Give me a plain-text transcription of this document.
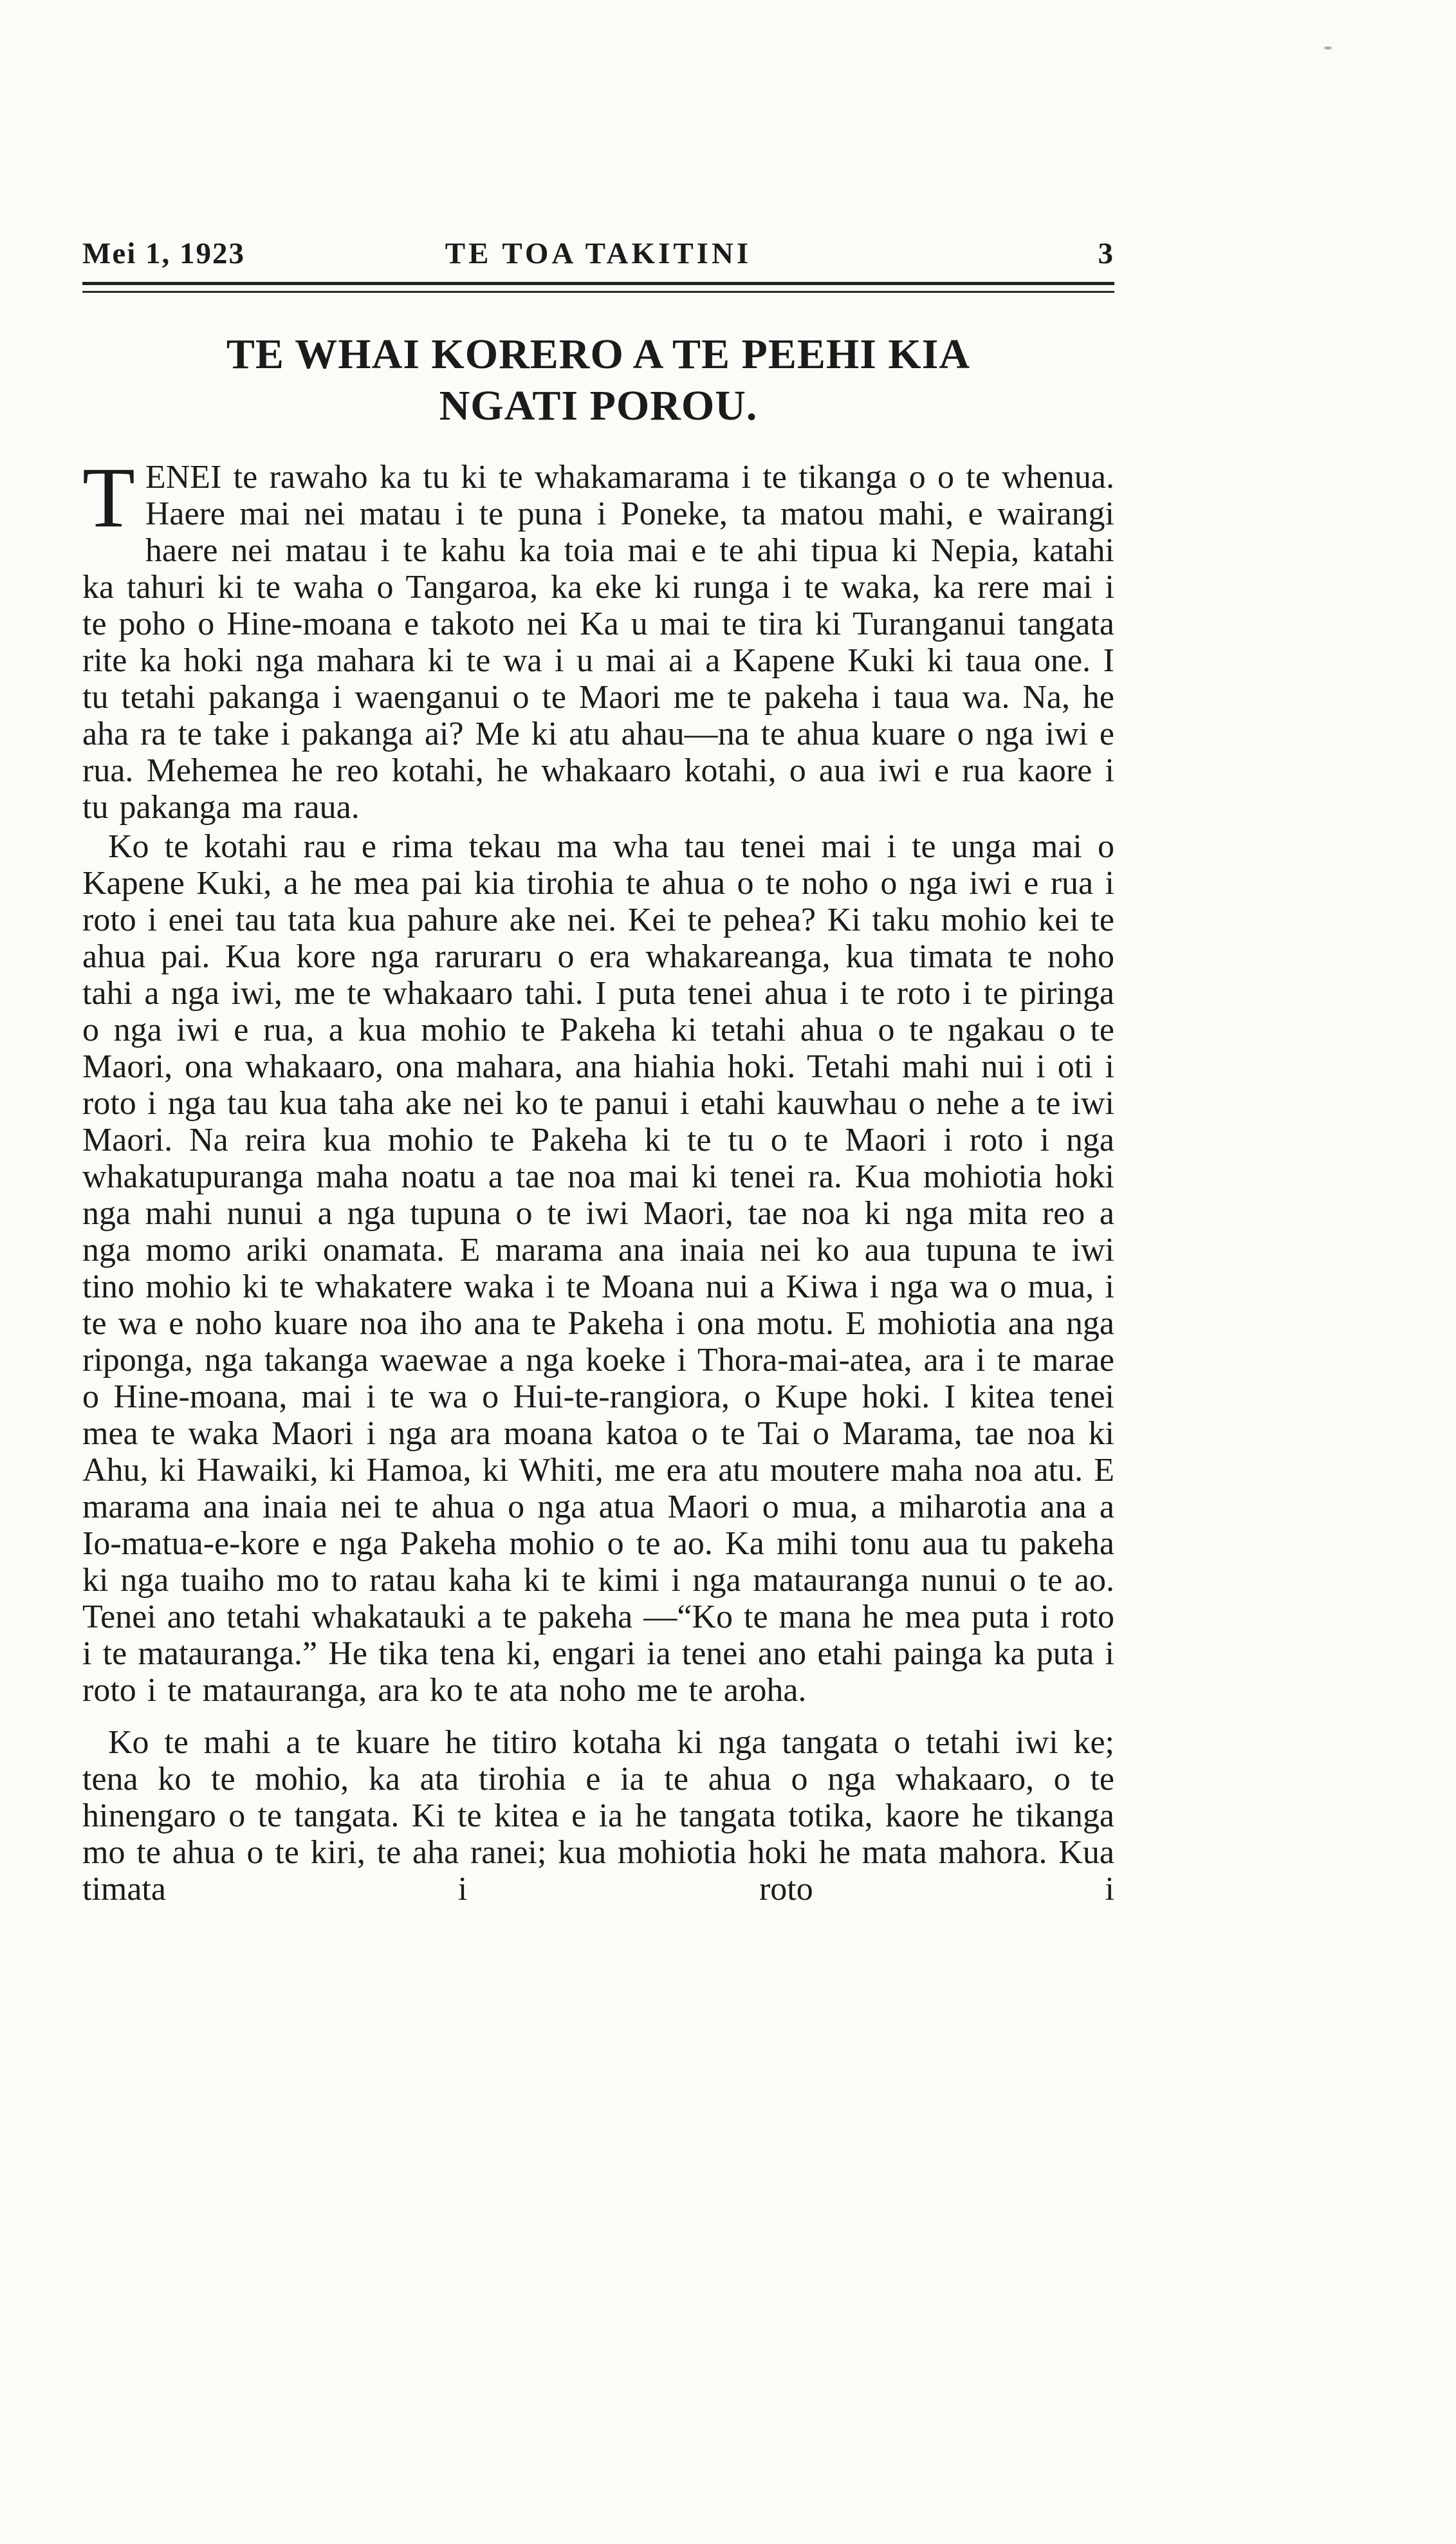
Mei 1, 1923	TE TOA TAKITINI	3
TE WHAI KORERO A TE PEEHI KIA
NGATI POROU.

TENEI te rawaho ka tu ki te whakamarama i te tikanga o o te whenua. Haere mai nei matau i te puna i Poneke, ta matou mahi, e wairangi haere nei matau i te kahu ka toia mai e te ahi tipua ki Nepia, katahi ka tahuri ki te waha o Tangaroa, ka eke ki runga i te waka, ka rere mai i te poho o Hine-moana e takoto nei Ka u mai te tira ki Turanganui tangata rite ka hoki nga mahara ki te wa i u mai ai a Kapene Kuki ki taua one. I tu tetahi pakanga i waenganui o te Maori me te pakeha i taua wa. Na, he aha ra te take i pakanga ai? Me ki atu ahau—na te ahua kuare o nga iwi e rua. Mehemea he reo kotahi, he whakaaro kotahi, o aua iwi e rua kaore i tu pakanga ma raua.

Ko te kotahi rau e rima tekau ma wha tau tenei mai i te unga mai o Kapene Kuki, a he mea pai kia tirohia te ahua o te noho o nga iwi e rua i roto i enei tau tata kua pahure ake nei. Kei te pehea? Ki taku mohio kei te ahua pai. Kua kore nga raruraru o era whakareanga, kua timata te noho tahi a nga iwi, me te whakaaro tahi. I puta tenei ahua i te roto i te piringa o nga iwi e rua, a kua mohio te Pakeha ki tetahi ahua o te ngakau o te Maori, ona whakaaro, ona mahara, ana hiahia hoki. Tetahi mahi nui i oti i roto i nga tau kua taha ake nei ko te panui i etahi kauwhau o nehe a te iwi Maori. Na reira kua mohio te Pakeha ki te tu o te Maori i roto i nga whakatupuranga maha noatu a tae noa mai ki tenei ra. Kua mohiotia hoki nga mahi nunui a nga tupuna o te iwi Maori, tae noa ki nga mita reo a nga momo ariki onamata. E marama ana inaia nei ko aua tupuna te iwi tino mohio ki te whakatere waka i te Moana nui a Kiwa i nga wa o mua, i te wa e noho kuare noa iho ana te Pakeha i ona motu. E mohiotia ana nga riponga, nga takanga waewae a nga koeke i Thora-mai-atea, ara i te marae o Hine-moana, mai i te wa o Hui-te-rangiora, o Kupe hoki. I kitea tenei mea te waka Maori i nga ara moana katoa o te Tai o Marama, tae noa ki Ahu, ki Hawaiki, ki Hamoa, ki Whiti, me era atu moutere maha noa atu. E marama ana inaia nei te ahua o nga atua Maori o mua, a miharotia ana a Io-matua-e-kore e nga Pakeha mohio o te ao. Ka mihi tonu aua tu pakeha ki nga tuaiho mo to ratau kaha ki te kimi i nga matauranga nunui o te ao. Tenei ano tetahi whakatauki a te pakeha —“Ko te mana he mea puta i roto i te matauranga.” He tika tena ki, engari ia tenei ano etahi painga ka puta i roto i te matauranga, ara ko te ata noho me te aroha.

Ko te mahi a te kuare he titiro kotaha ki nga tangata o tetahi iwi ke; tena ko te mohio, ka ata tirohia e ia te ahua o nga whakaaro, o te hinengaro o te tangata. Ki te kitea e ia he tangata totika, kaore he tikanga mo te ahua o te kiri, te aha ranei; kua mohiotia hoki he mata mahora. Kua timata i roto i
